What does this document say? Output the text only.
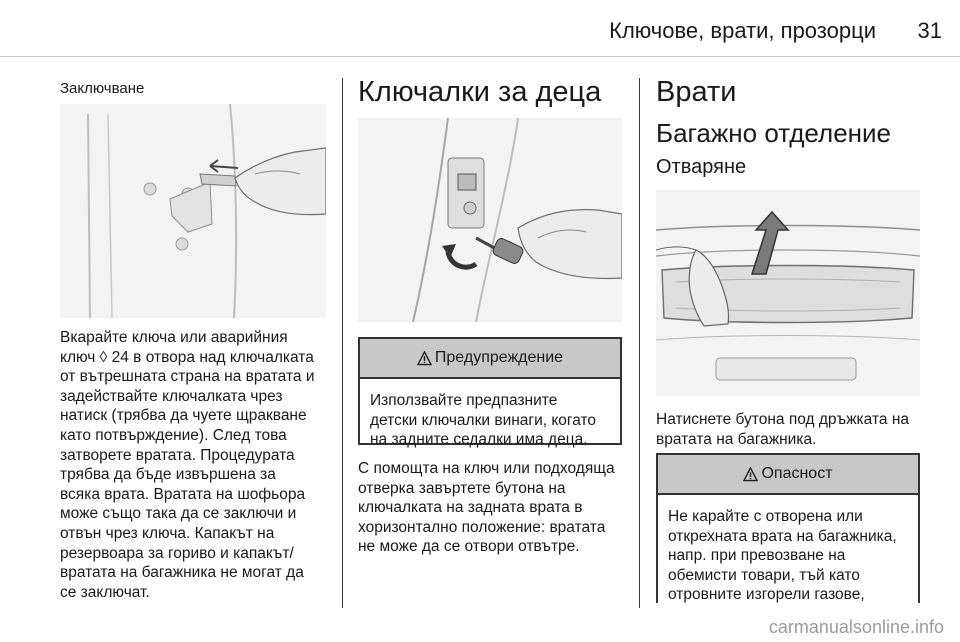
Ключове, врати, прозорци 31
Заключване
Вкарайте ключа или аварийния
ключ ◊ 24 в отвора над ключалката
от вътрешната страна на вратата и
задействайте ключалката чрез
натиск (трябва да чуете щракване
като потвърждение). След това
затворете вратата. Процедурата
трябва да бъде извършена за
всяка врата. Вратата на шофьора
може също така да се заключи и
отвън чрез ключа. Капакът на
резервоара за гориво и капакът/
вратата на багажника не могат да
се заключат.
Ключалки за деца
Предупреждение
Използвайте предпазните
детски ключалки винаги, когато
на задните седалки има деца.
С помощта на ключ или подходяща
отверка завъртете бутона на
ключалката на задната врата в
хоризонтално положение: вратата
не може да се отвори отвътре.
Врати
Багажно отделение
Отваряне
Натиснете бутона под дръжката на
вратата на багажника.
Опасност
Не карайте с отворена или
открехната врата на багажника,
напр. при превозване на
обемисти товари, тъй като
отровните изгорели газове,
carmanualsonline.info
